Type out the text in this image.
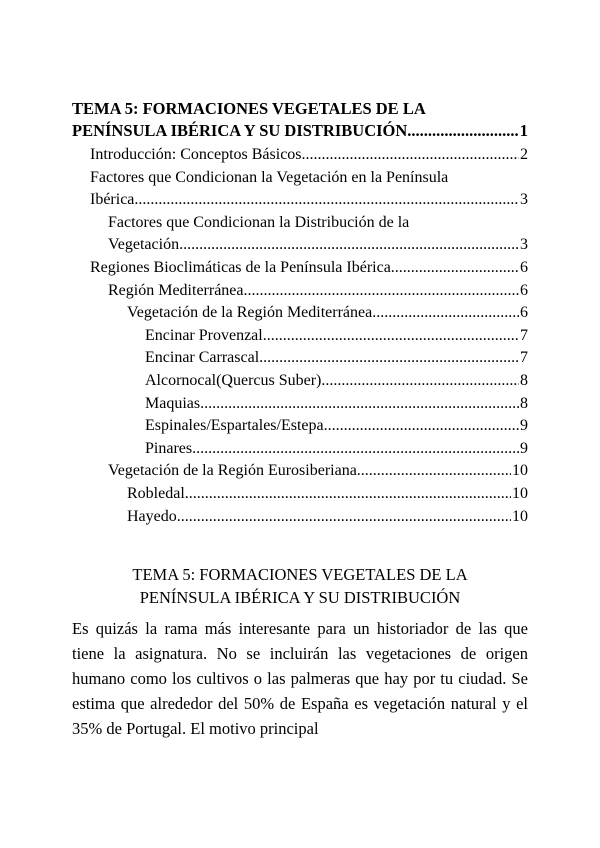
TEMA 5: FORMACIONES VEGETALES DE LA
PENÍNSULA IBÉRICA Y SU DISTRIBUCIÓN .....	1
Introducción: Conceptos Básicos .....	2
Factores que Condicionan la Vegetación en la Península
Ibérica .....	3
Factores que Condicionan la Distribución de la
Vegetación .....	3
Regiones Bioclimáticas de la Península Ibérica .....	6
Región Mediterránea .....	6
Vegetación de la Región Mediterránea .....	6
Encinar Provenzal .....	7
Encinar Carrascal .....	7
Alcornocal(Quercus Suber) .....	8
Maquias .....	8
Espinales/Espartales/Estepa .....	9
Pinares .....	9
Vegetación de la Región Eurosiberiana .....	10
Robledal .....	10
Hayedo .....	10
TEMA 5: FORMACIONES VEGETALES DE LA
PENÍNSULA IBÉRICA Y SU DISTRIBUCIÓN
Es quizás la rama más interesante para un historiador de las que tiene la asignatura. No se incluirán las vegetaciones de origen humano como los cultivos o las palmeras que hay por tu ciudad. Se estima que alrededor del 50% de España es vegetación natural y el 35% de Portugal. El motivo principal
